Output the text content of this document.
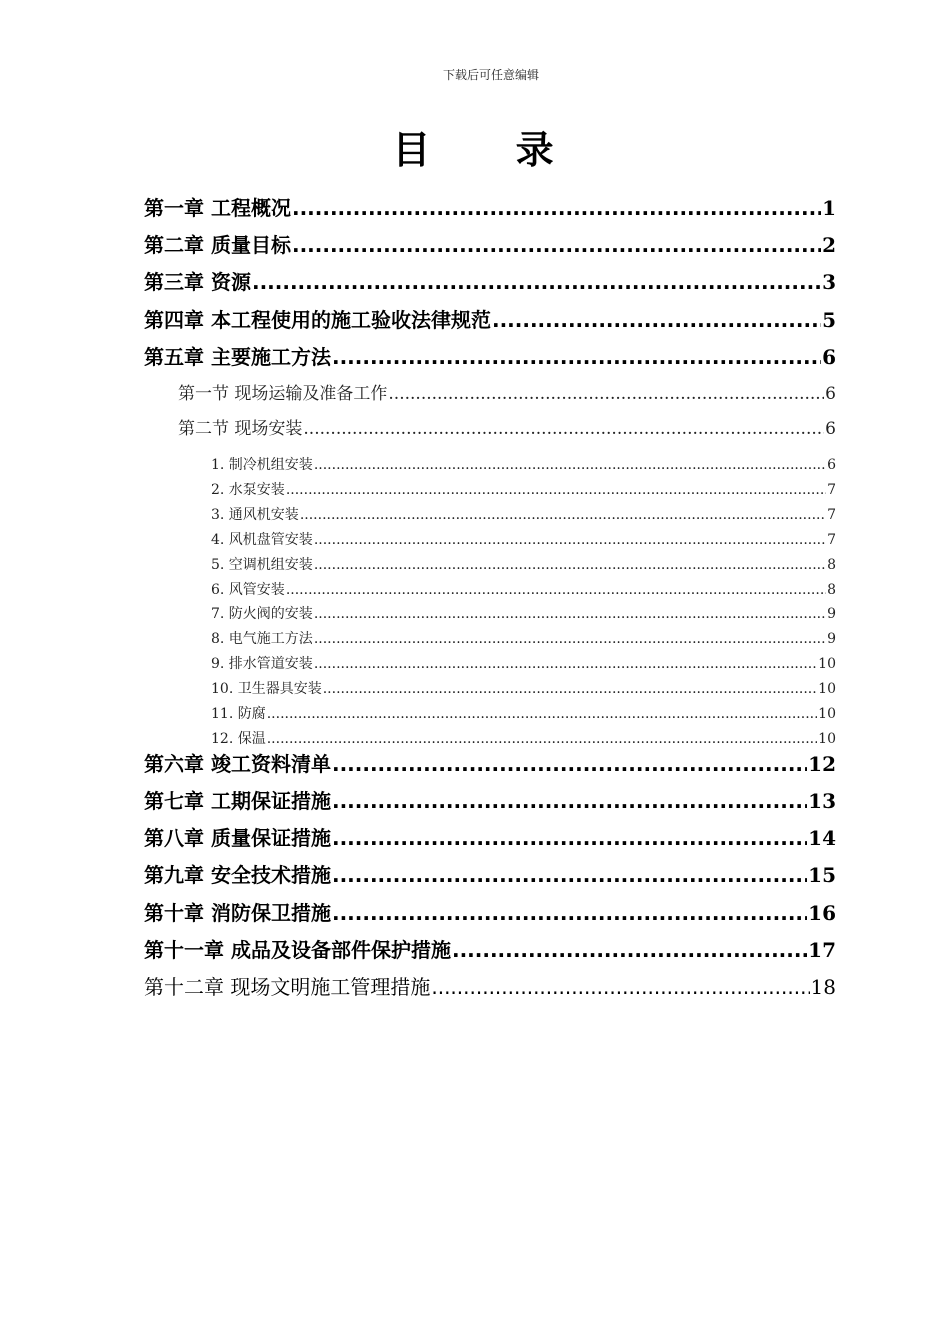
下载后可任意编辑
目 录
第一章 工程概况 .....	1
第二章 质量目标 .....	2
第三章 资源 .....	3
第四章 本工程使用的施工验收法律规范 .....	5
第五章 主要施工方法 .....	6
第一节 现场运输及准备工作 .....	6
第二节 现场安装 .....	6
1. 制冷机组安装 .....	6
2. 水泵安装 .....	7
3. 通风机安装 .....	7
4. 风机盘管安装 .....	7
5. 空调机组安装 .....	8
6. 风管安装 .....	8
7. 防火阀的安装 .....	9
8. 电气施工方法 .....	9
9. 排水管道安装 .....	10
10. 卫生器具安装 .....	10
11. 防腐 .....	10
12. 保温 .....	10
第六章 竣工资料清单 .....	12
第七章 工期保证措施 .....	13
第八章 质量保证措施 .....	14
第九章 安全技术措施 .....	15
第十章 消防保卫措施 .....	16
第十一章 成品及设备部件保护措施 .....	17
第十二章 现场文明施工管理措施 .....	18
